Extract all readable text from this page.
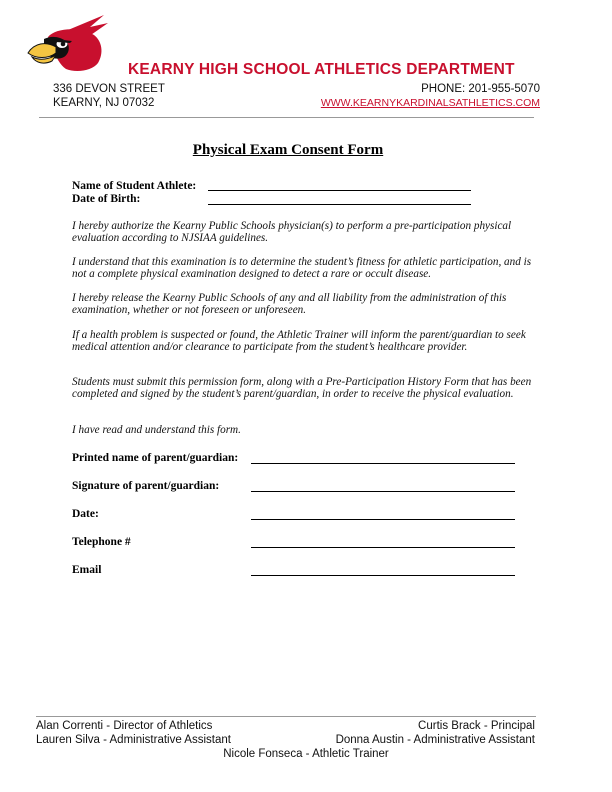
KEARNY HIGH SCHOOL ATHLETICS DEPARTMENT
336 DEVON STREET
KEARNY, NJ 07032
PHONE: 201-955-5070
WWW.KEARNYKARDINALSATHLETICS.COM
Physical Exam Consent Form
Name of Student Athlete:
Date of Birth:
I hereby authorize the Kearny Public Schools physician(s) to perform a pre-participation physical evaluation according to NJSIAA guidelines.
I understand that this examination is to determine the student’s fitness for athletic participation, and is not a complete physical examination designed to detect a rare or occult disease.
I hereby release the Kearny Public Schools of any and all liability from the administration of this examination, whether or not foreseen or unforeseen.
If a health problem is suspected or found, the Athletic Trainer will inform the parent/guardian to seek medical attention and/or clearance to participate from the student’s healthcare provider.
Students must submit this permission form, along with a Pre-Participation History Form that has been completed and signed by the student’s parent/guardian, in order to receive the physical evaluation.
I have read and understand this form.
Printed name of parent/guardian:
Signature of parent/guardian:
Date:
Telephone #
Email
Alan Correnti - Director of Athletics	Curtis Brack - Principal
Lauren Silva - Administrative Assistant	Donna Austin - Administrative Assistant
Nicole Fonseca - Athletic Trainer
